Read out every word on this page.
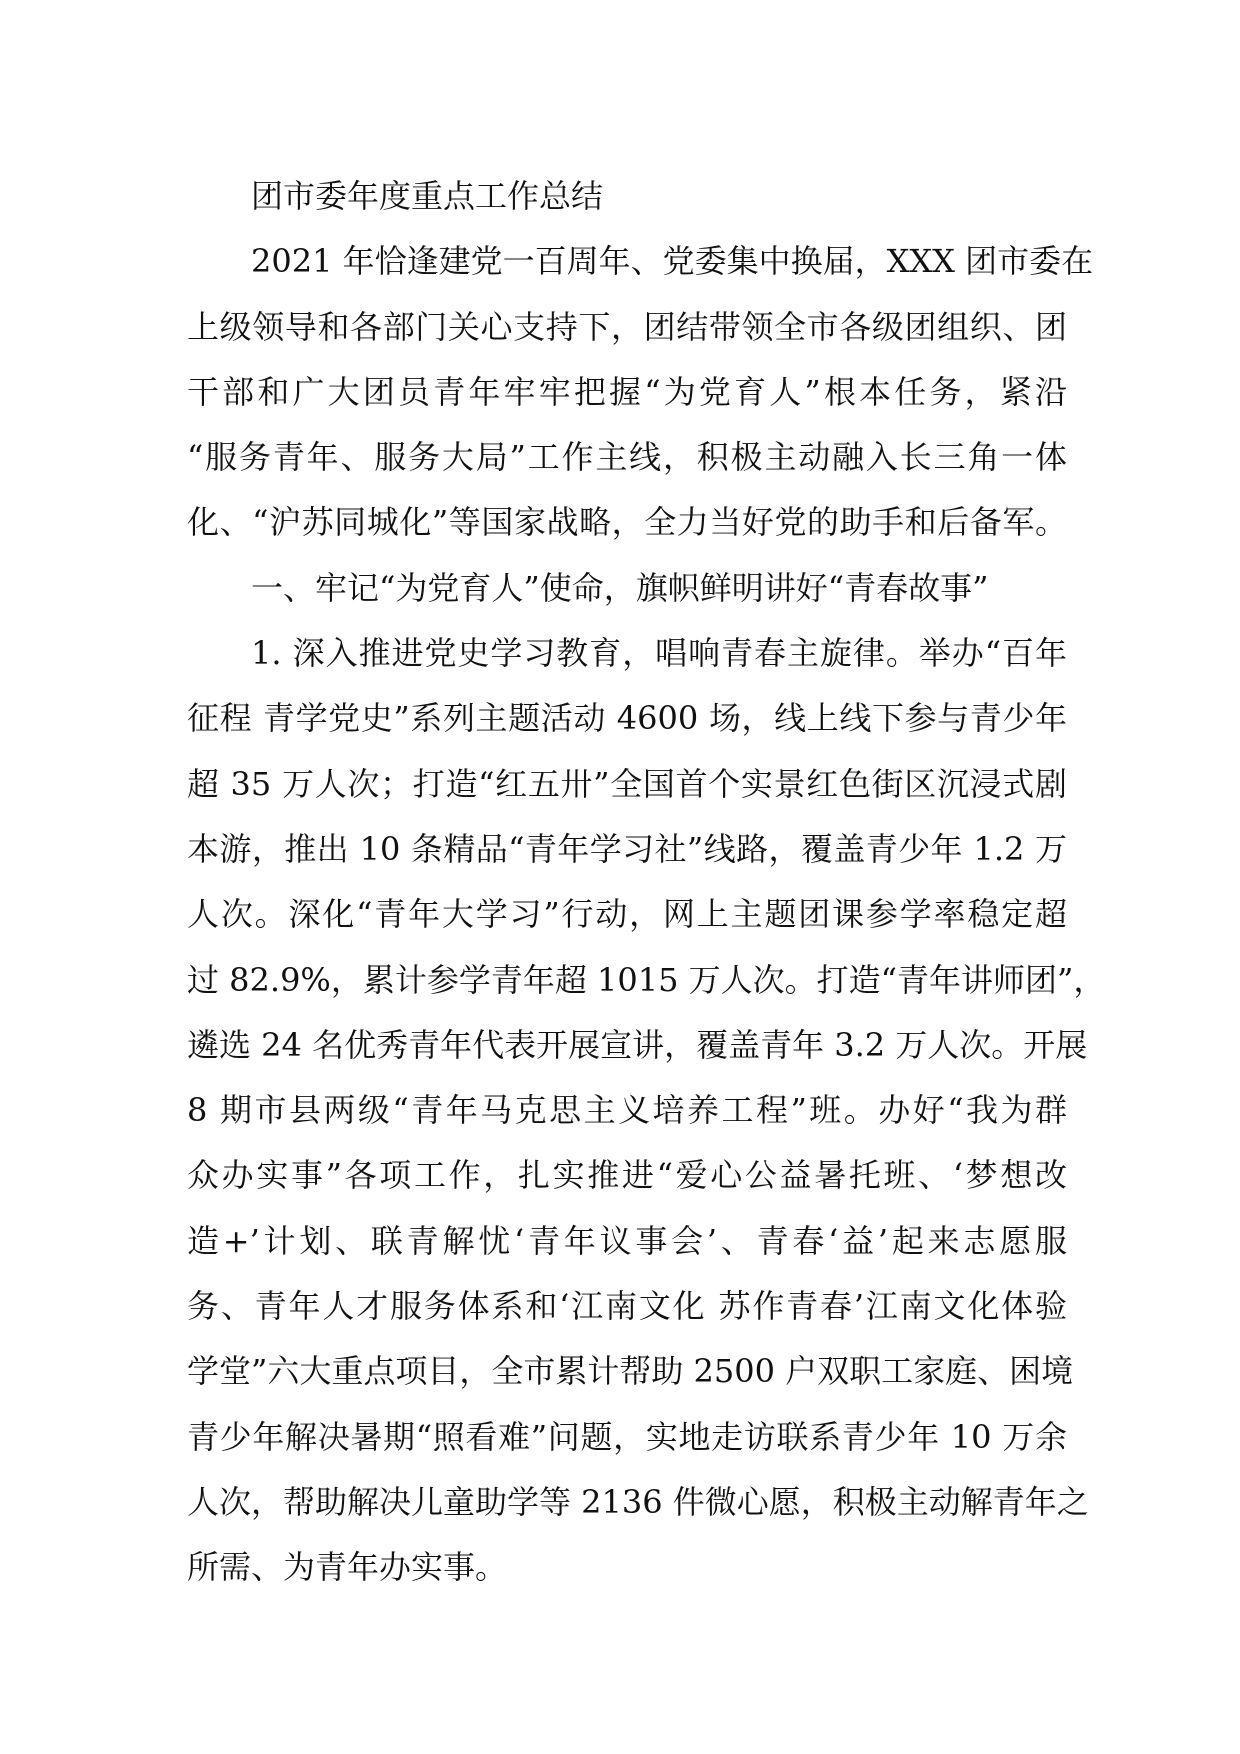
团市委年度重点工作总结
2021 年恰逢建党一百周年、党委集中换届，XXX 团市委在
上级领导和各部门关心支持下，团结带领全市各级团组织、团
干部和广大团员青年牢牢把握“为党育人”根本任务，紧沿
“服务青年、服务大局”工作主线，积极主动融入长三角一体
化、“沪苏同城化”等国家战略，全力当好党的助手和后备军。
一、牢记“为党育人”使命，旗帜鲜明讲好“青春故事”
1. 深入推进党史学习教育，唱响青春主旋律。举办“百年
征程 青学党史”系列主题活动 4600 场，线上线下参与青少年
超 35 万人次；打造“红五卅”全国首个实景红色街区沉浸式剧
本游，推出 10 条精品“青年学习社”线路，覆盖青少年 1.2 万
人次。深化“青年大学习”行动，网上主题团课参学率稳定超
过 82.9%，累计参学青年超 1015 万人次。打造“青年讲师团”，
遴选 24 名优秀青年代表开展宣讲，覆盖青年 3.2 万人次。开展
8 期市县两级“青年马克思主义培养工程”班。办好“我为群
众办实事”各项工作，扎实推进“爱心公益暑托班、‘梦想改
造+’计划、联青解忧‘青年议事会’、青春‘益’起来志愿服
务、青年人才服务体系和‘江南文化 苏作青春’江南文化体验
学堂”六大重点项目，全市累计帮助 2500 户双职工家庭、困境
青少年解决暑期“照看难”问题，实地走访联系青少年 10 万余
人次，帮助解决儿童助学等 2136 件微心愿，积极主动解青年之
所需、为青年办实事。
